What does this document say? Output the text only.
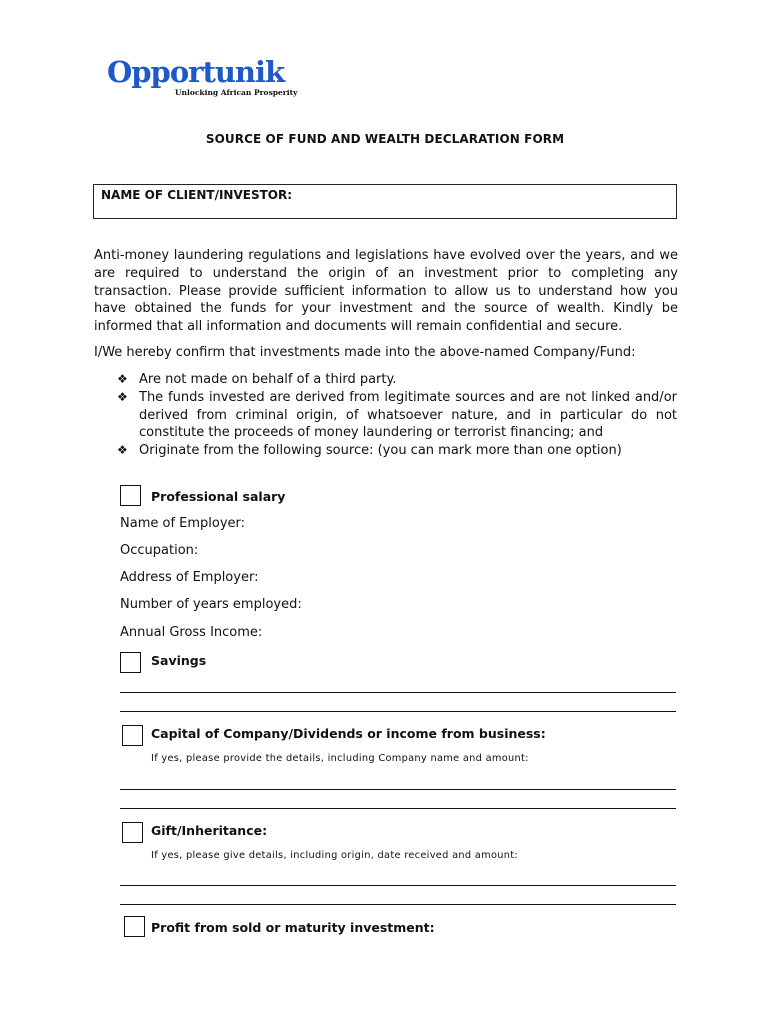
Opportunik
Unlocking African Prosperity
SOURCE OF FUND AND WEALTH DECLARATION FORM
NAME OF CLIENT/INVESTOR:
Anti-money laundering regulations and legislations have evolved over the years, and we are required to understand the origin of an investment prior to completing any transaction. Please provide sufficient information to allow us to understand how you have obtained the funds for your investment and the source of wealth. Kindly be informed that all information and documents will remain confidential and secure.
I/We hereby confirm that investments made into the above-named Company/Fund:
❖ Are not made on behalf of a third party.
❖ The funds invested are derived from legitimate sources and are not linked and/or derived from criminal origin, of whatsoever nature, and in particular do not constitute the proceeds of money laundering or terrorist financing; and
❖ Originate from the following source: (you can mark more than one option)
Professional salary
Name of Employer:
Occupation:
Address of Employer:
Number of years employed:
Annual Gross Income:
Savings
Capital of Company/Dividends or income from business:
If yes, please provide the details, including Company name and amount:
Gift/Inheritance:
If yes, please give details, including origin, date received and amount:
Profit from sold or maturity investment:
